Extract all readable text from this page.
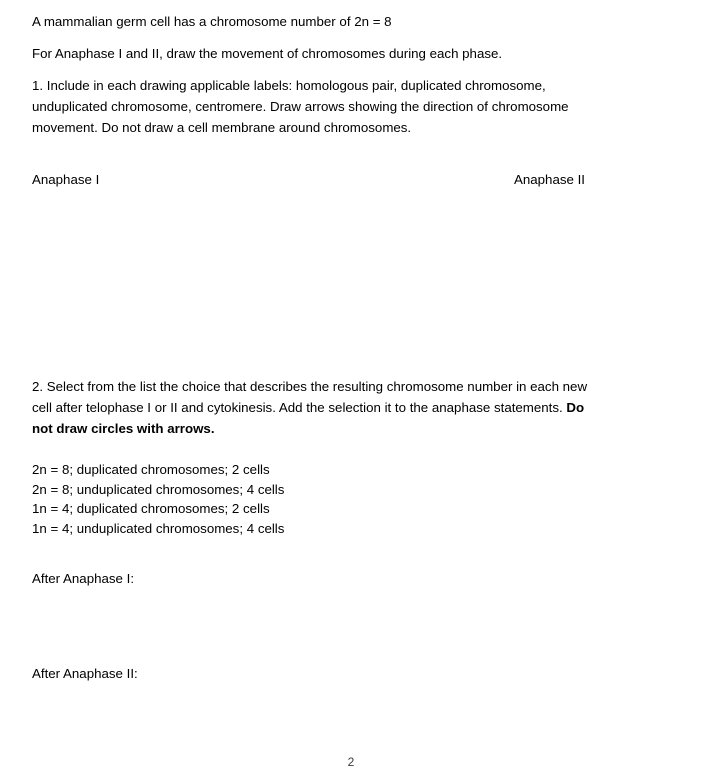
A mammalian germ cell has a chromosome number of 2n = 8

For Anaphase I and II, draw the movement of chromosomes during each phase.

1. Include in each drawing applicable labels: homologous pair, duplicated chromosome,

unduplicated chromosome, centromere. Draw arrows showing the direction of chromosome

movement. Do not draw a cell membrane around chromosomes.

Anaphase I	Anaphase II

2. Select from the list the choice that describes the resulting chromosome number in each new

cell after telophase I or II and cytokinesis. Add the selection it to the anaphase statements. Do

not draw circles with arrows.

2n = 8; duplicated chromosomes; 2 cells

2n = 8; unduplicated chromosomes; 4 cells

1n = 4; duplicated chromosomes; 2 cells

1n = 4; unduplicated chromosomes; 4 cells

After Anaphase I:

After Anaphase II:

2
